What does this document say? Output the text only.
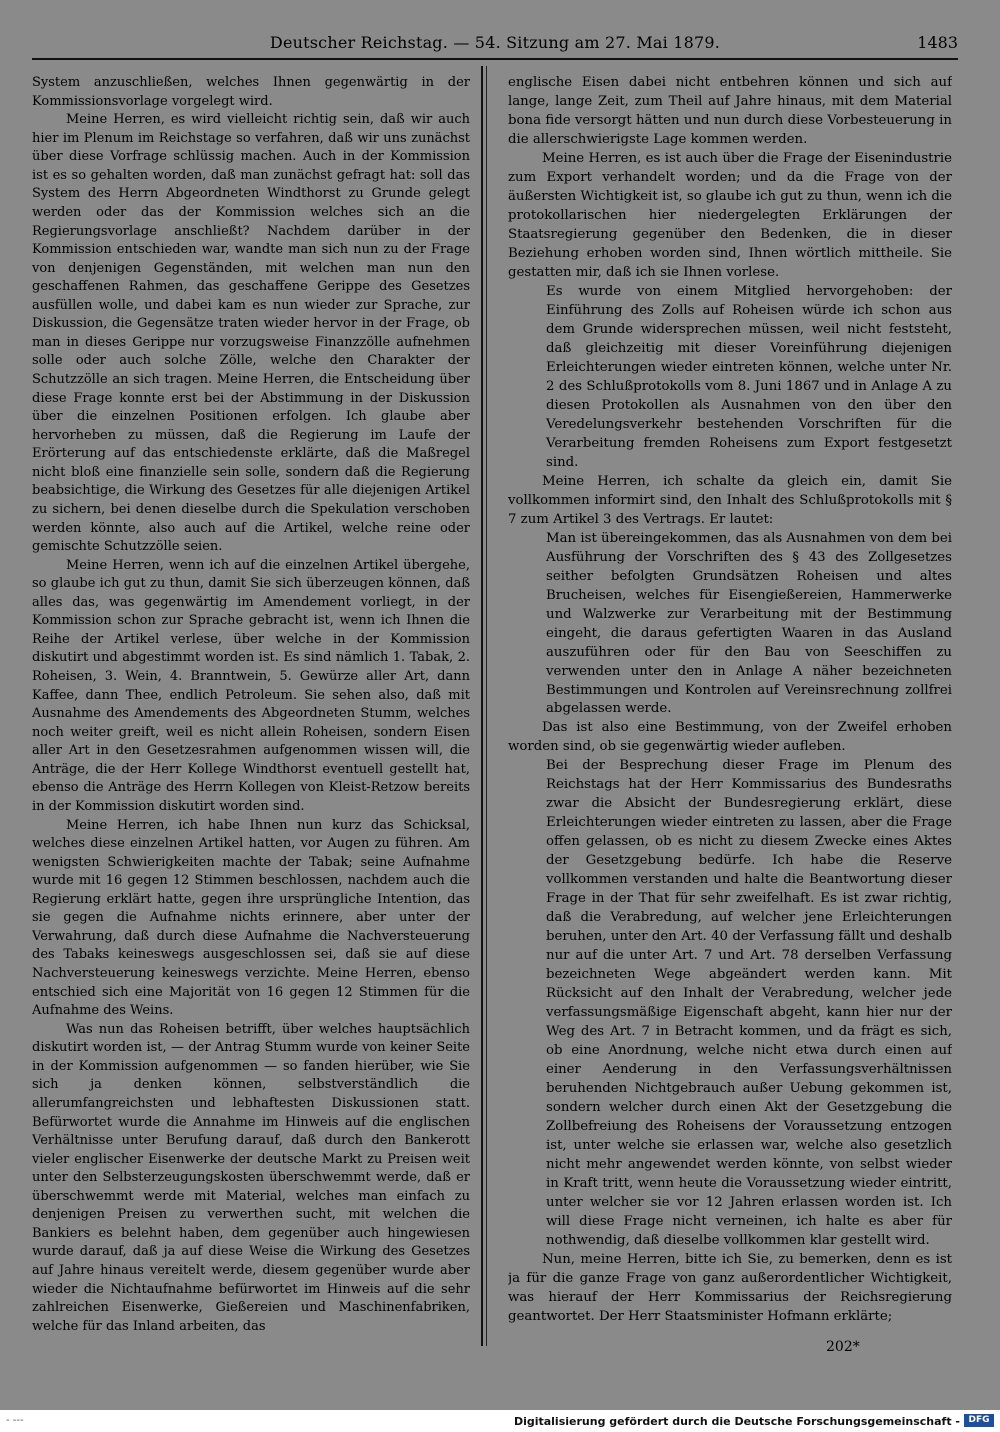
Deutscher Reichstag. — 54. Sitzung am 27. Mai 1879.	1483

System anzuschließen, welches Ihnen gegenwärtig in der Kommissionsvorlage vorgelegt wird.

Meine Herren, es wird vielleicht richtig sein, daß wir auch hier im Plenum im Reichstage so verfahren, daß wir uns zunächst über diese Vorfrage schlüssig machen. Auch in der Kommission ist es so gehalten worden, daß man zunächst gefragt hat: soll das System des Herrn Abgeordneten Windthorst zu Grunde gelegt werden oder das der Kommission welches sich an die Regierungsvorlage anschließt? Nachdem darüber in der Kommission entschieden war, wandte man sich nun zu der Frage von denjenigen Gegenständen, mit welchen man nun den geschaffenen Rahmen, das geschaffene Gerippe des Gesetzes ausfüllen wolle, und dabei kam es nun wieder zur Sprache, zur Diskussion, die Gegensätze traten wieder hervor in der Frage, ob man in dieses Gerippe nur vorzugsweise Finanzzölle aufnehmen solle oder auch solche Zölle, welche den Charakter der Schutzzölle an sich tragen. Meine Herren, die Entscheidung über diese Frage konnte erst bei der Abstimmung in der Diskussion über die einzelnen Positionen erfolgen. Ich glaube aber hervorheben zu müssen, daß die Regierung im Laufe der Erörterung auf das entschiedenste erklärte, daß die Maßregel nicht bloß eine finanzielle sein solle, sondern daß die Regierung beabsichtige, die Wirkung des Gesetzes für alle diejenigen Artikel zu sichern, bei denen dieselbe durch die Spekulation verschoben werden könnte, also auch auf die Artikel, welche reine oder gemischte Schutzzölle seien.

Meine Herren, wenn ich auf die einzelnen Artikel übergehe, so glaube ich gut zu thun, damit Sie sich überzeugen können, daß alles das, was gegenwärtig im Amendement vorliegt, in der Kommission schon zur Sprache gebracht ist, wenn ich Ihnen die Reihe der Artikel verlese, über welche in der Kommission diskutirt und abgestimmt worden ist. Es sind nämlich 1. Tabak, 2. Roheisen, 3. Wein, 4. Branntwein, 5. Gewürze aller Art, dann Kaffee, dann Thee, endlich Petroleum. Sie sehen also, daß mit Ausnahme des Amendements des Abgeordneten Stumm, welches noch weiter greift, weil es nicht allein Roheisen, sondern Eisen aller Art in den Gesetzesrahmen aufgenommen wissen will, die Anträge, die der Herr Kollege Windthorst eventuell gestellt hat, ebenso die Anträge des Herrn Kollegen von Kleist-Retzow bereits in der Kommission diskutirt worden sind.

Meine Herren, ich habe Ihnen nun kurz das Schicksal, welches diese einzelnen Artikel hatten, vor Augen zu führen. Am wenigsten Schwierigkeiten machte der Tabak; seine Aufnahme wurde mit 16 gegen 12 Stimmen beschlossen, nachdem auch die Regierung erklärt hatte, gegen ihre ursprüngliche Intention, das sie gegen die Aufnahme nichts erinnere, aber unter der Verwahrung, daß durch diese Aufnahme die Nachversteuerung des Tabaks keineswegs ausgeschlossen sei, daß sie auf diese Nachversteuerung keineswegs verzichte. Meine Herren, ebenso entschied sich eine Majorität von 16 gegen 12 Stimmen für die Aufnahme des Weins.

Was nun das Roheisen betrifft, über welches hauptsächlich diskutirt worden ist, — der Antrag Stumm wurde von keiner Seite in der Kommission aufgenommen — so fanden hierüber, wie Sie sich ja denken können, selbstverständlich die allerumfangreichsten und lebhaftesten Diskussionen statt. Befürwortet wurde die Annahme im Hinweis auf die englischen Verhältnisse unter Berufung darauf, daß durch den Bankerott vieler englischer Eisenwerke der deutsche Markt zu Preisen weit unter den Selbsterzeugungskosten überschwemmt werde, daß er überschwemmt werde mit Material, welches man einfach zu denjenigen Preisen zu verwerthen sucht, mit welchen die Bankiers es belehnt haben, dem gegenüber auch hingewiesen wurde darauf, daß ja auf diese Weise die Wirkung des Gesetzes auf Jahre hinaus vereitelt werde, diesem gegenüber wurde aber wieder die Nichtaufnahme befürwortet im Hinweis auf die sehr zahlreichen Eisenwerke, Gießereien und Maschinenfabriken, welche für das Inland arbeiten, das

englische Eisen dabei nicht entbehren können und sich auf lange, lange Zeit, zum Theil auf Jahre hinaus, mit dem Material bona fide versorgt hätten und nun durch diese Vorbesteuerung in die allerschwierigste Lage kommen werden.

Meine Herren, es ist auch über die Frage der Eisenindustrie zum Export verhandelt worden; und da die Frage von der äußersten Wichtigkeit ist, so glaube ich gut zu thun, wenn ich die protokollarischen hier niedergelegten Erklärungen der Staatsregierung gegenüber den Bedenken, die in dieser Beziehung erhoben worden sind, Ihnen wörtlich mittheile. Sie gestatten mir, daß ich sie Ihnen vorlese.

Es wurde von einem Mitglied hervorgehoben: der Einführung des Zolls auf Roheisen würde ich schon aus dem Grunde widersprechen müssen, weil nicht feststeht, daß gleichzeitig mit dieser Voreinführung diejenigen Erleichterungen wieder eintreten können, welche unter Nr. 2 des Schlußprotokolls vom 8. Juni 1867 und in Anlage A zu diesen Protokollen als Ausnahmen von den über den Veredelungsverkehr bestehenden Vorschriften für die Verarbeitung fremden Roheisens zum Export festgesetzt sind.

Meine Herren, ich schalte da gleich ein, damit Sie vollkommen informirt sind, den Inhalt des Schlußprotokolls mit § 7 zum Artikel 3 des Vertrags. Er lautet:

Man ist übereingekommen, das als Ausnahmen von dem bei Ausführung der Vorschriften des § 43 des Zollgesetzes seither befolgten Grundsätzen Roheisen und altes Brucheisen, welches für Eisengießereien, Hammerwerke und Walzwerke zur Verarbeitung mit der Bestimmung eingeht, die daraus gefertigten Waaren in das Ausland auszuführen oder für den Bau von Seeschiffen zu verwenden unter den in Anlage A näher bezeichneten Bestimmungen und Kontrolen auf Vereinsrechnung zollfrei abgelassen werde.

Das ist also eine Bestimmung, von der Zweifel erhoben worden sind, ob sie gegenwärtig wieder aufleben.

Bei der Besprechung dieser Frage im Plenum des Reichstags hat der Herr Kommissarius des Bundesraths zwar die Absicht der Bundesregierung erklärt, diese Erleichterungen wieder eintreten zu lassen, aber die Frage offen gelassen, ob es nicht zu diesem Zwecke eines Aktes der Gesetzgebung bedürfe. Ich habe die Reserve vollkommen verstanden und halte die Beantwortung dieser Frage in der That für sehr zweifelhaft. Es ist zwar richtig, daß die Verabredung, auf welcher jene Erleichterungen beruhen, unter den Art. 40 der Verfassung fällt und deshalb nur auf die unter Art. 7 und Art. 78 derselben Verfassung bezeichneten Wege abgeändert werden kann. Mit Rücksicht auf den Inhalt der Verabredung, welcher jede verfassungsmäßige Eigenschaft abgeht, kann hier nur der Weg des Art. 7 in Betracht kommen, und da frägt es sich, ob eine Anordnung, welche nicht etwa durch einen auf einer Aenderung in den Verfassungsverhältnissen beruhenden Nichtgebrauch außer Uebung gekommen ist, sondern welcher durch einen Akt der Gesetzgebung die Zollbefreiung des Roheisens der Voraussetzung entzogen ist, unter welche sie erlassen war, welche also gesetzlich nicht mehr angewendet werden könnte, von selbst wieder in Kraft tritt, wenn heute die Voraussetzung wieder eintritt, unter welcher sie vor 12 Jahren erlassen worden ist. Ich will diese Frage nicht verneinen, ich halte es aber für nothwendig, daß dieselbe vollkommen klar gestellt wird.

Nun, meine Herren, bitte ich Sie, zu bemerken, denn es ist ja für die ganze Frage von ganz außerordentlicher Wichtigkeit, was hierauf der Herr Kommissarius der Reichsregierung geantwortet. Der Herr Staatsminister Hofmann erklärte;

202*
- ---	Digitalisierung gefördert durch die Deutsche Forschungsgemeinschaft - DFG
